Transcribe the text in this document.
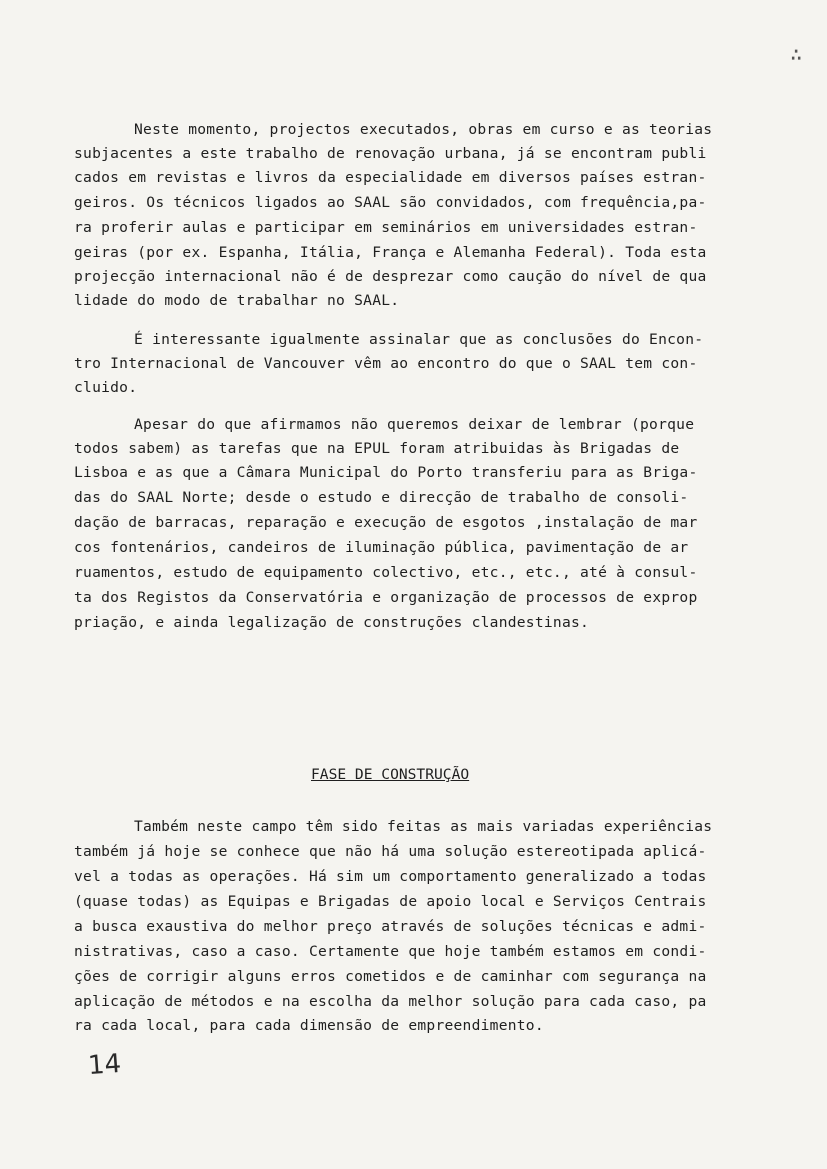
∴
Neste momento, projectos executados, obras em curso e as teorias
subjacentes a este trabalho de renovação urbana, já se encontram publi
cados em revistas e livros da especialidade em diversos países estran-
geiros. Os técnicos ligados ao SAAL são convidados, com frequência,pa-
ra proferir aulas e participar em seminários em universidades estran-
geiras (por ex. Espanha, Itália, França e Alemanha Federal). Toda esta
projecção internacional não é de desprezar como caução do nível de qua
lidade do modo de trabalhar no SAAL.
É interessante igualmente assinalar que as conclusões do Encon-
tro Internacional de Vancouver vêm ao encontro do que o SAAL tem con-
cluido.
Apesar do que afirmamos não queremos deixar de lembrar (porque
todos sabem) as tarefas que na EPUL foram atribuidas às Brigadas de
Lisboa e as que a Câmara Municipal do Porto transferiu para as Briga-
das do SAAL Norte; desde o estudo e direcção de trabalho de consoli-
dação de barracas, reparação e execução de esgotos ,instalação de mar
cos fontenários, candeiros de iluminação pública, pavimentação de ar
ruamentos, estudo de equipamento colectivo, etc., etc., até à consul-
ta dos Registos da Conservatória e organização de processos de exprop
priação, e ainda legalização de construções clandestinas.
FASE DE CONSTRUÇÃO
Também neste campo têm sido feitas as mais variadas experiências
também já hoje se conhece que não há uma solução estereotipada aplicá-
vel a todas as operações. Há sim um comportamento generalizado a todas
(quase todas) as Equipas e Brigadas de apoio local e Serviços Centrais
a busca exaustiva do melhor preço através de soluções técnicas e admi-
nistrativas, caso a caso. Certamente que hoje também estamos em condi-
ções de corrigir alguns erros cometidos e de caminhar com segurança na
aplicação de métodos e na escolha da melhor solução para cada caso, pa
ra cada local, para cada dimensão de empreendimento.
14
